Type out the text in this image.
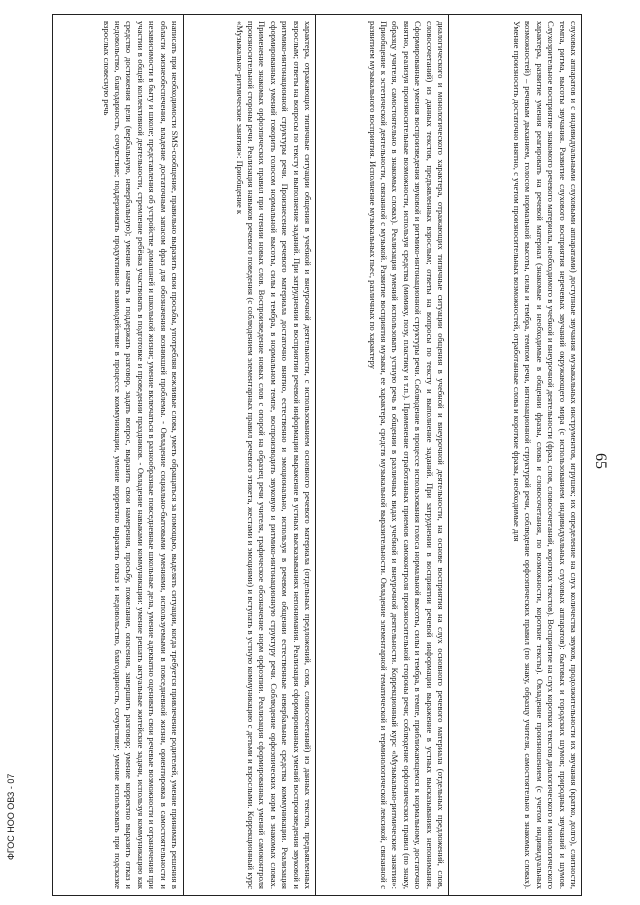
написать при необходимости SMS-сообщение, правильно выразить свои просьбы, употребляя вежливые слова, уметь обращаться за помощью, выделять ситуации, когда требуется привлечение родителей, умение принимать решения в области жизнеобеспечения, владение достаточным запасом фраз для обозначения возникшей проблемы. - Овладение социально-бытовыми умениями, используемыми в повседневной жизни, ориентировка в самостоятельности и независимости в быту и школе; представления об устройстве домашней и школьной жизни; умение включаться в разнообразные повседневные школьные дела, умение адекватно оценивать свои речевые возможности и ограничения при участии в общей коллективной деятельности, стремление ребёнка участвовать в подготовке и проведении праздников. - Овладение навыками коммуникации: умение решать актуальные житейские задачи, используя коммуникацию как средство достижения цели (вербальную, невербальную); умение начать и поддержать разговор, задать вопрос, выразить свои намерения, просьбу, пожелание, опасения, завершить разговор; умение корректно выразить отказ и недовольство, благодарность, сочувствие; поддерживать продуктивное взаимодействие в процессе коммуникации, умение корректно выразить отказ и недовольство, благодарность, сочувствие; умение использовать при подсказке взрослых словесную речь	характера, отражающих типичные ситуации общения в учебной и внеурочной деятельности, с использованием основного речевого материала (отдельных предложений, слов, словосочетаний) из данных текстов, предъявленных взрослым; ответы на вопросы по тексту и выполнение заданий. При затруднении в восприятии речевой информации выражение в устных высказываниях непонимания. Реализация сформированных умений воспроизведения звуковой и ритмико-интонационной структуры речи. Произнесение речевого материала достаточно внятно, естественно и эмоционально, используя в речевом общении естественные невербальные средства коммуникации. Реализация сформированных умений говорить голосом нормальной высоты, силы и тембра, в нормальном темпе, воспроизводить звуковую и ритмико-интонационную структуру речи. Соблюдение орфоэпических норм в знакомых словах. Применение знакомых орфоэпических правил при чтении новых слов. Воспроизведение новых слов с опорой на образец речи учителя, графическое обозначение норм орфоэпии. Реализация сформированных умений самоконтроля произносительной стороны речи. Реализация навыков речевого поведения (с соблюдением элементарных правил речевого этикета, жестами и эмоциями) и вступать в устную коммуникацию с детьми и взрослыми. Коррекционный курс «Музыкально-ритмические занятия»: Приобщение к	диалогического и монологического характера, отражающих типичные ситуации общения в учебной и внеурочной деятельности, на основе восприятия на слух основного речевого материала (отдельных предложений, слов, словосочетаний) из данных текстов, предъявленных взрослым; ответы на вопросы по тексту и выполнение заданий. При затруднении в восприятии речевой информации выражение в устных высказываниях непонимания. Сформированные умения воспроизведения звуковой и ритмико-интонационной структуры речи. Соблюдение в процессе использования голоса нормальной высоты, силы и тембра, в темпе, приближающемся к нормальному, достаточно внятно, реализуя произносительные возможности, используя средства (мимику, позу, пластику и т.п.). Применение отработанных приемов самоконтроля произносительной стороны речи; соблюдение орфоэпических правил (по знаку, образцу учителя, самостоятельно в знакомых словах). Реализация умений использовать устную речь в общении в различных видах учебной и внеурочной деятельности. Коррекционный курс «Музыкально-ритмические занятия»: Приобщение к эстетической деятельности, связанной с музыкой. Развитие восприятия музыки, ее характера, средств музыкальной выразительности. Овладение элементарной тематической и терминологической лексикой, связанной с развитием музыкального восприятия. Исполнение музыкальных пьес, различных по характеру	слуховых аппаратов и с индивидуальными слуховыми аппаратами) доступные звучания музыкальных инструментов, игрушек; их определение на слух количества звуков, продолжительности их звучания (кратко, долго), слитности, темпа, ритма, высоты звучания. Развитие слухового восприятия неречевых звучаний окружающего мира (с использованием индивидуальных слуховых аппаратов): бытовых и городских шумов; природных звучаний и шумов. Слухозрительное восприятие знакомого речевого материала, необходимого в учебной и внеурочной деятельности (фраз, слов, словосочетаний, коротких текстов). Восприятие на слух коротких текстов диалогического и монологического характера, развитие умения реагировать на речевой материал (знакомые и необходимые в общении фразы, слова и словосочетания, по возможности, короткие тексты). Овладение произношением (с учетом индивидуальных возможностей) – речевым дыханием, голосом нормальной высоты, силы и тембра, темпом речи, интонационной структурой речи, соблюдение орфоэпических правил (по знаку, образцу учителя, самостоятельно в знакомых словах). Умение произносить достаточно внятно, с учетом произносительных возможностей, отработанные слова и короткие фразы, необходимые для	65
ФГОС НОО ОВЗ - 07
